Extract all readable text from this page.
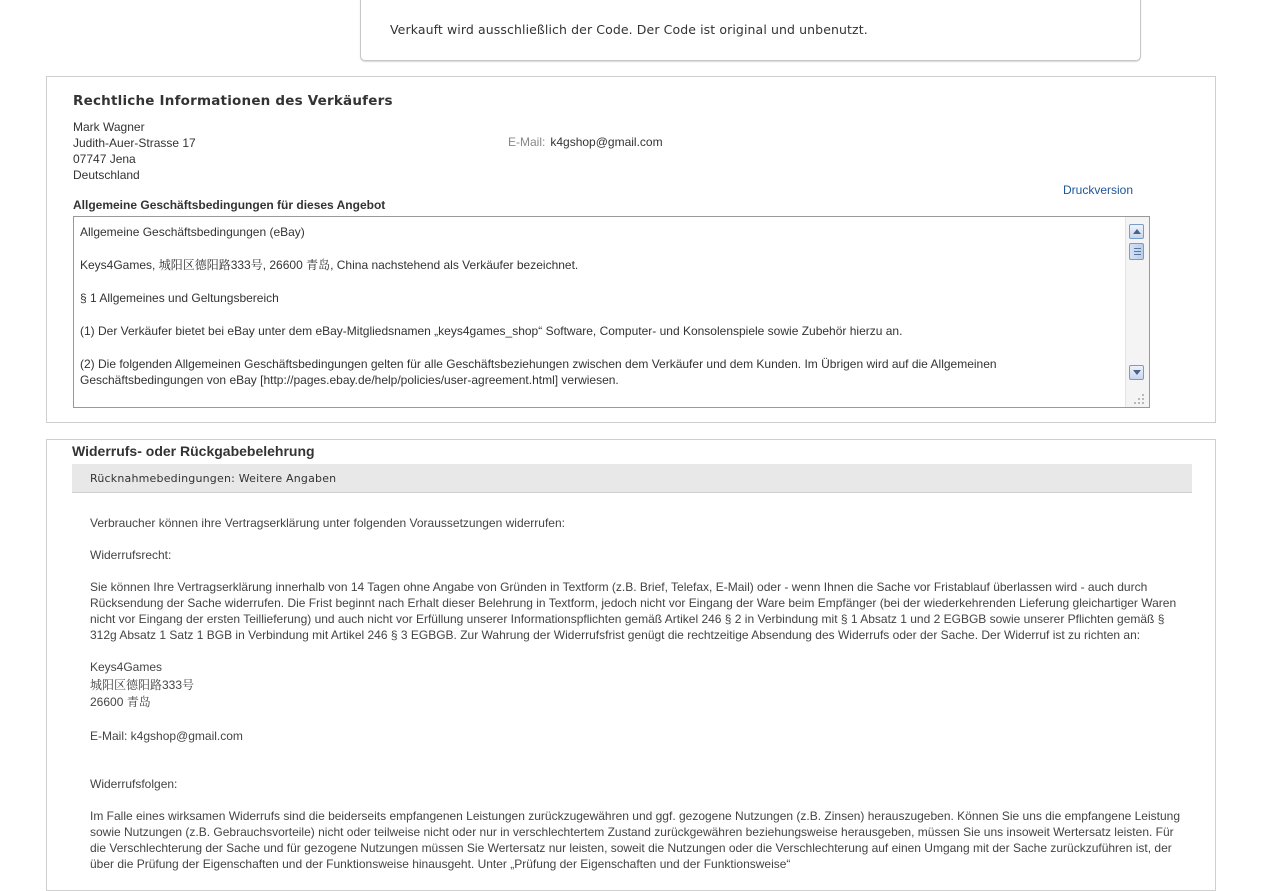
Verkauft wird ausschließlich der Code. Der Code ist original und unbenutzt.
Rechtliche Informationen des Verkäufers
Mark Wagner
Judith-Auer-Strasse 17
07747 Jena
Deutschland
E-Mail: k4gshop@gmail.com
Druckversion
Allgemeine Geschäftsbedingungen für dieses Angebot

Allgemeine Geschäftsbedingungen (eBay)

Keys4Games, 城阳区德阳路333号, 26600 青岛, China nachstehend als Verkäufer bezeichnet.

§ 1 Allgemeines und Geltungsbereich

(1) Der Verkäufer bietet bei eBay unter dem eBay-Mitgliedsnamen „keys4games_shop“ Software, Computer- und Konsolenspiele sowie Zubehör hierzu an.

(2) Die folgenden Allgemeinen Geschäftsbedingungen gelten für alle Geschäftsbeziehungen zwischen dem Verkäufer und dem Kunden. Im Übrigen wird auf die Allgemeinen Geschäftsbedingungen von eBay [http://pages.ebay.de/help/policies/user-agreement.html] verwiesen.

Widerrufs- oder Rückgabebelehrung
Rücknahmebedingungen: Weitere Angaben

Verbraucher können ihre Vertragserklärung unter folgenden Voraussetzungen widerrufen:

Widerrufsrecht:

Sie können Ihre Vertragserklärung innerhalb von 14 Tagen ohne Angabe von Gründen in Textform (z.B. Brief, Telefax, E-Mail) oder - wenn Ihnen die Sache vor Fristablauf überlassen wird - auch durch Rücksendung der Sache widerrufen. Die Frist beginnt nach Erhalt dieser Belehrung in Textform, jedoch nicht vor Eingang der Ware beim Empfänger (bei der wiederkehrenden Lieferung gleichartiger Waren nicht vor Eingang der ersten Teillieferung) und auch nicht vor Erfüllung unserer Informationspflichten gemäß Artikel 246 § 2 in Verbindung mit § 1 Absatz 1 und 2 EGBGB sowie unserer Pflichten gemäß § 312g Absatz 1 Satz 1 BGB in Verbindung mit Artikel 246 § 3 EGBGB. Zur Wahrung der Widerrufsfrist genügt die rechtzeitige Absendung des Widerrufs oder der Sache. Der Widerruf ist zu richten an:

Keys4Games
城阳区德阳路333号
26600 青岛

E-Mail: k4gshop@gmail.com

Widerrufsfolgen:

Im Falle eines wirksamen Widerrufs sind die beiderseits empfangenen Leistungen zurückzugewähren und ggf. gezogene Nutzungen (z.B. Zinsen) herauszugeben. Können Sie uns die empfangene Leistung sowie Nutzungen (z.B. Gebrauchsvorteile) nicht oder teilweise nicht oder nur in verschlechtertem Zustand zurückgewähren beziehungsweise herausgeben, müssen Sie uns insoweit Wertersatz leisten. Für die Verschlechterung der Sache und für gezogene Nutzungen müssen Sie Wertersatz nur leisten, soweit die Nutzungen oder die Verschlechterung auf einen Umgang mit der Sache zurückzuführen ist, der über die Prüfung der Eigenschaften und der Funktionsweise hinausgeht. Unter „Prüfung der Eigenschaften und der Funktionsweise“
